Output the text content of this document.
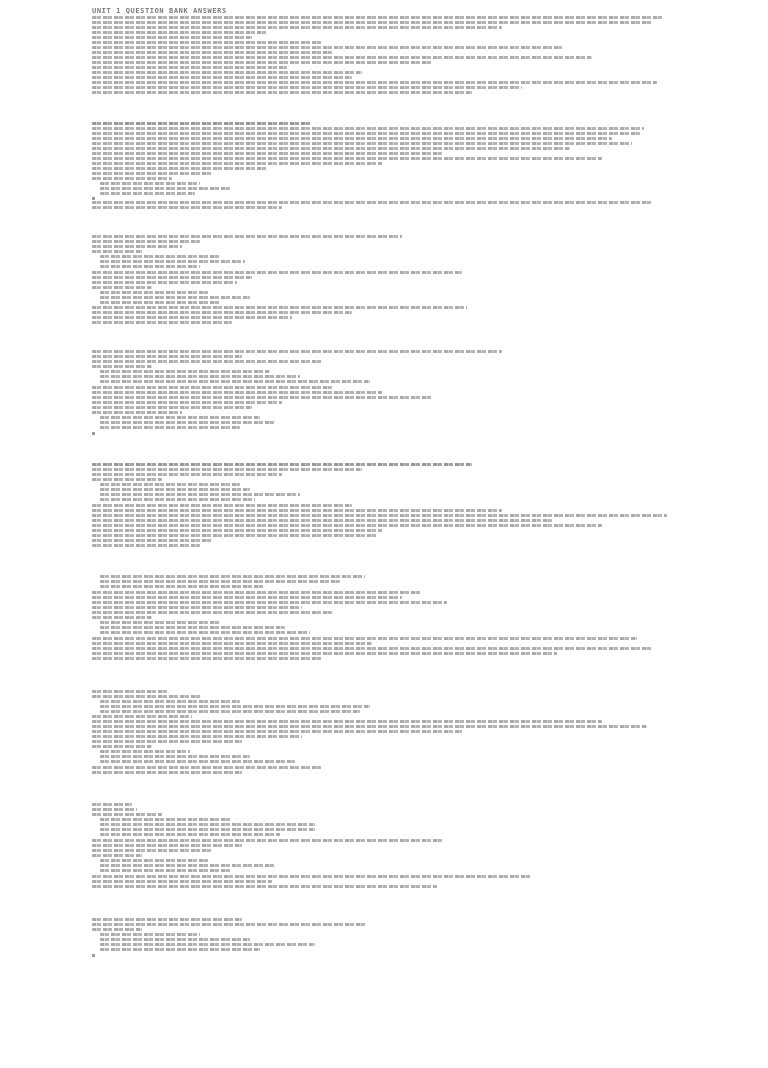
UNIT 1 QUESTION BANK ANSWERS
